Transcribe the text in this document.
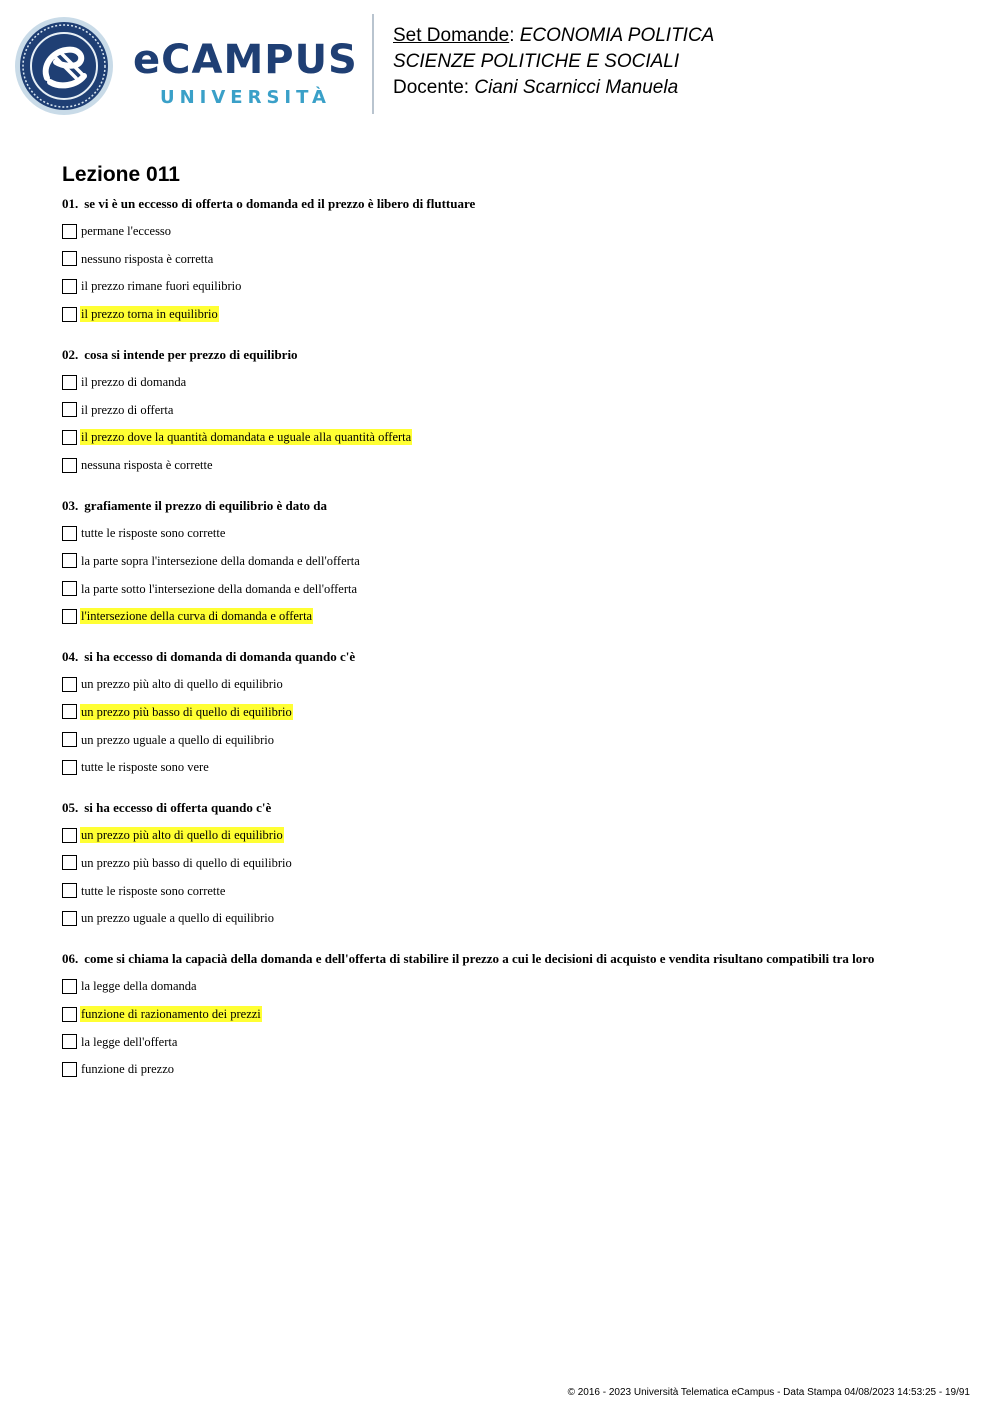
eCAMPUS
UNIVERSITÀ
Set Domande: ECONOMIA POLITICA
SCIENZE POLITICHE E SOCIALI
Docente: Ciani Scarnicci Manuela
Lezione 011
01. se vi è un eccesso di offerta o domanda ed il prezzo è libero di fluttuare
permane l'eccesso
nessuno risposta è corretta
il prezzo rimane fuori equilibrio
il prezzo torna in equilibrio
02. cosa si intende per prezzo di equilibrio
il prezzo di domanda
il prezzo di offerta
il prezzo dove la quantità domandata e uguale alla quantità offerta
nessuna risposta è corrette
03. grafiamente il prezzo di equilibrio è dato da
tutte le risposte sono corrette
la parte sopra l'intersezione della domanda e dell'offerta
la parte sotto l'intersezione della domanda e dell'offerta
l'intersezione della curva di domanda e offerta
04. si ha eccesso di domanda di domanda quando c'è
un prezzo più alto di quello di equilibrio
un prezzo più basso di quello di equilibrio
un prezzo uguale a quello di equilibrio
tutte le risposte sono vere
05. si ha eccesso di offerta quando c'è
un prezzo più alto di quello di equilibrio
un prezzo più basso di quello di equilibrio
tutte le risposte sono corrette
un prezzo uguale a quello di equilibrio
06. come si chiama la capacià della domanda e dell'offerta di stabilire il prezzo a cui le decisioni di acquisto e vendita risultano compatibili tra loro
la legge della domanda
funzione di razionamento dei prezzi
la legge dell'offerta
funzione di prezzo
© 2016 - 2023 Università Telematica eCampus - Data Stampa 04/08/2023 14:53:25 - 19/91
